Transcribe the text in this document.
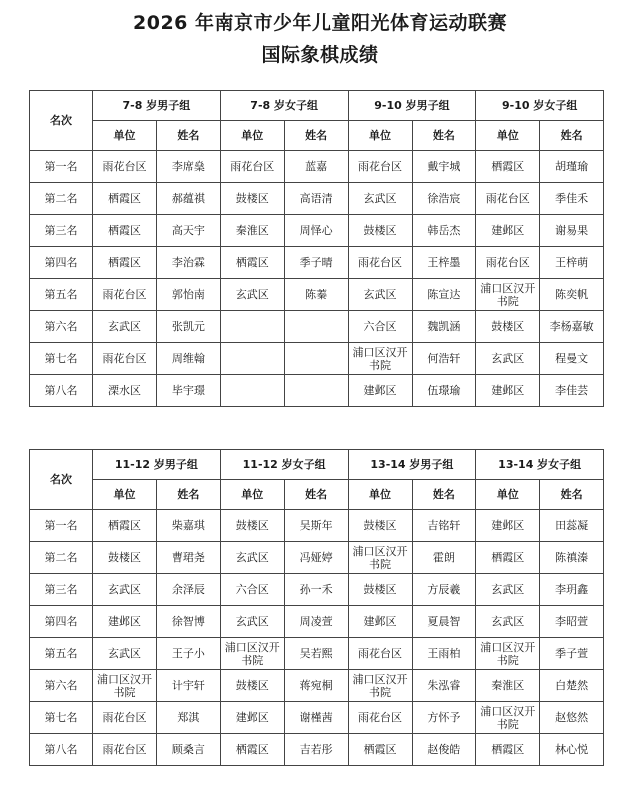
2026 年南京市少年儿童阳光体育运动联赛
国际象棋成绩
名次	7-8 岁男子组		7-8 岁女子组		9-10 岁男子组		9-10 岁女子组	
	单位	姓名	单位	姓名	单位	姓名	单位	姓名
第一名	雨花台区	李席燊	雨花台区	蓝嘉	雨花台区	戴宇城	栖霞区	胡瑾瑜
第二名	栖霞区	郝蕴祺	鼓楼区	高语清	玄武区	徐浩宸	雨花台区	季佳禾
第三名	栖霞区	高天宇	秦淮区	周怿心	鼓楼区	韩岳杰	建邺区	谢易果
第四名	栖霞区	李治霖	栖霞区	季子晴	雨花台区	王梓墨	雨花台区	王梓萌
第五名	雨花台区	郭怡南	玄武区	陈蓁	玄武区	陈宣达	浦口区汉开书院	陈奕帆
第六名	玄武区	张凯元			六合区	魏凯涵	鼓楼区	李杨嘉敏
第七名	雨花台区	周维翰			浦口区汉开书院	何浩轩	玄武区	程曼文
第八名	溧水区	毕宇璟			建邺区	伍璟瑜	建邺区	李佳芸
名次	11-12 岁男子组		11-12 岁女子组		13-14 岁男子组		13-14 岁女子组	
	单位	姓名	单位	姓名	单位	姓名	单位	姓名
第一名	栖霞区	柴嘉琪	鼓楼区	吴斯年	鼓楼区	吉铭轩	建邺区	田蕊凝
第二名	鼓楼区	曹珺尧	玄武区	冯娅婷	浦口区汉开书院	霍朗	栖霞区	陈禛溱
第三名	玄武区	余泽辰	六合区	孙一禾	鼓楼区	方辰羲	玄武区	李玥鑫
第四名	建邺区	徐智博	玄武区	周凌萱	建邺区	夏晨智	玄武区	李昭萱
第五名	玄武区	王子小	浦口区汉开书院	吴若熙	雨花台区	王雨柏	浦口区汉开书院	季子萱
第六名	浦口区汉开书院	计宇轩	鼓楼区	蒋宛桐	浦口区汉开书院	朱泓睿	秦淮区	白楚然
第七名	雨花台区	郑淇	建邺区	谢槿茜	雨花台区	方怀予	浦口区汉开书院	赵悠然
第八名	雨花台区	顾桑言	栖霞区	吉若彤	栖霞区	赵俊皓	栖霞区	林心悦
